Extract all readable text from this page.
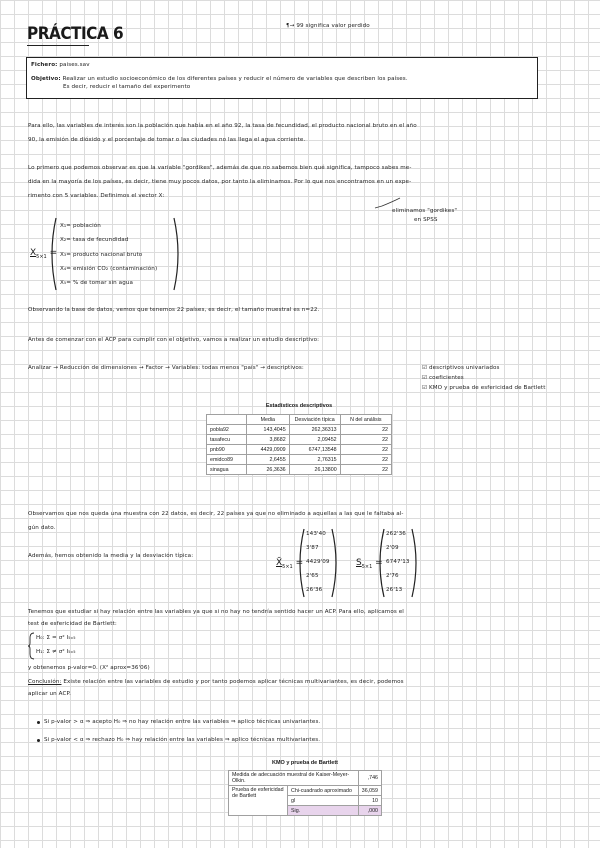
PRÁCTICA 6	¶→ 99 significa valor perdido
Fichero: paises.sav
Objetivo: Realizar un estudio socioeconómico de los diferentes países y reducir el número de variables que describen los países.
Es decir, reducir el tamaño del experimento
Para ello, las variables de interés son la población que había en el año 92, la tasa de fecundidad, el producto nacional bruto en el año
90, la emisión de dióxido y el porcentaje de tomar o las ciudades no las llega el agua corriente.
Lo primero que podemos observar es que la variable "gordikes", además de que no sabemos bien qué significa, tampoco sabes me-
dida en la mayoría de los países, es decir, tiene muy pocos datos, por tanto la eliminamos. Por lo que nos encontramos en un expe-
rimento con 5 variables. Definimos el vector X:
eliminamos "gordikes"
en SPSS
$X_{5\times 1}$ =
X₁= población
X₂= tasa de fecundidad
X₃= producto nacional bruto
X₄= emisión CO₂ (contaminación)
X₅= % de tomar sin agua
Observando la base de datos, vemos que tenemos 22 países, es decir, el tamaño muestral es n=22.
Antes de comenzar con el ACP para cumplir con el objetivo, vamos a realizar un estudio descriptivo:
Analizar → Reducción de dimensiones → Factor → Variables: todas menos "país" → descriptivos:	☑ descriptivos univariados
☑ coeficientes
☑ KMO y prueba de esfericidad de Bartlett
Estadísticos descriptivos
	Media	Desviación típica	N del análisis
pobla92	143,4045	262,36313	22
tasafecu	3,8682	2,09452	22
pnb90	4429,0909	6747,13548	22
emidco89	2,6455	2,76315	22
sinagua	26,3636	26,13800	22
Observamos que nos queda una muestra con 22 datos, es decir, 22 países ya que no eliminado a aquellas a las que le faltaba al-
gún dato.
Además, hemos obtenido la media y la desviación típica:
$X̄_{5\times 1}$ =
143'40
3'87
4429'09
2'65
26'36
$S_{5\times 1}$ =
262'36
2'09
6747'13
2'76
26'13
Tenemos que estudiar si hay relación entre las variables ya que si no hay no tendría sentido hacer un ACP. Para ello, aplicamos el
test de esfericidad de Bartlett:
H₀: Σ = σ² I₅ₓ₅
H₁: Σ ≠ σ² I₅ₓ₅
y obtenemos p-valor=0. (X² aprox=36'06)
Conclusión: Existe relación entre las variables de estudio y por tanto podemos aplicar técnicas multivariantes, es decir, podemos
aplicar un ACP.
Si p-valor > α ⇒ acepto H₀ ⇒ no hay relación entre las variables ⇒ aplico técnicas univariantes.
Si p-valor < α ⇒ rechazo H₀ ⇒ hay relación entre las variables ⇒ aplico técnicas multivariantes.
KMO y prueba de Bartlett
Medida de adecuación muestral de Kaiser-Meyer-Olkin.		,746
Prueba de esfericidad de Bartlett	Chi-cuadrado aproximado	36,059
	gl	10
	Sig.	,000
